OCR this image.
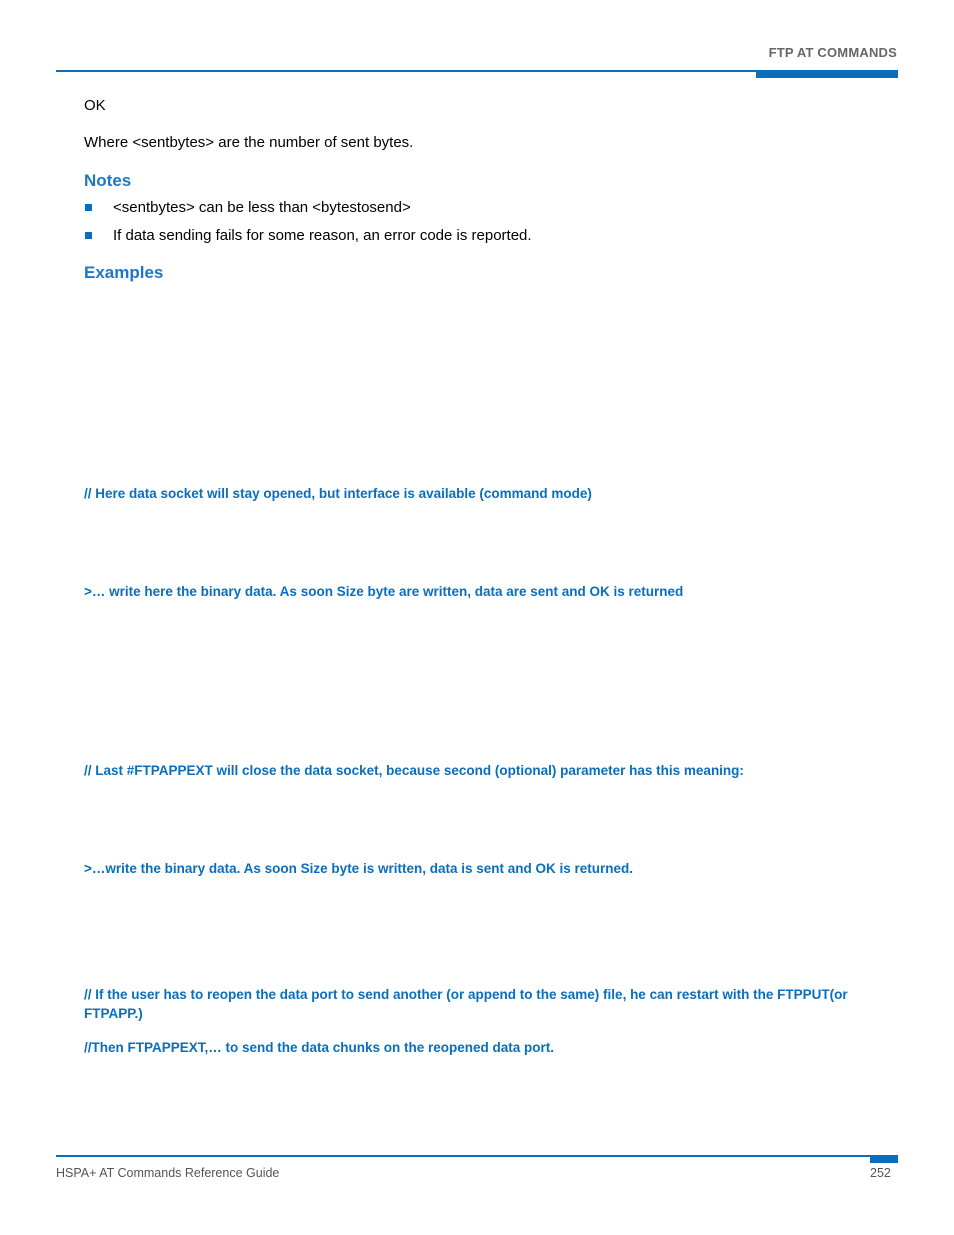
FTP AT COMMANDS
OK
Where <sentbytes> are the number of sent bytes.
Notes
<sentbytes> can be less than <bytestosend>
If data sending fails for some reason, an error code is reported.
Examples
// Here data socket will stay opened, but interface is available (command mode)
>… write here the binary data. As soon Size byte are written, data are sent and OK is returned
// Last #FTPAPPEXT will close the data socket, because second (optional) parameter has this meaning:
>…write the binary data. As soon Size byte is written, data is sent and OK is returned.
// If the user has to reopen the data port to send another (or append to the same) file, he can restart with the FTPPUT(or FTPAPP.)
//Then FTPAPPEXT,… to send the data chunks on the reopened data port.
HSPA+ AT Commands Reference Guide	252
